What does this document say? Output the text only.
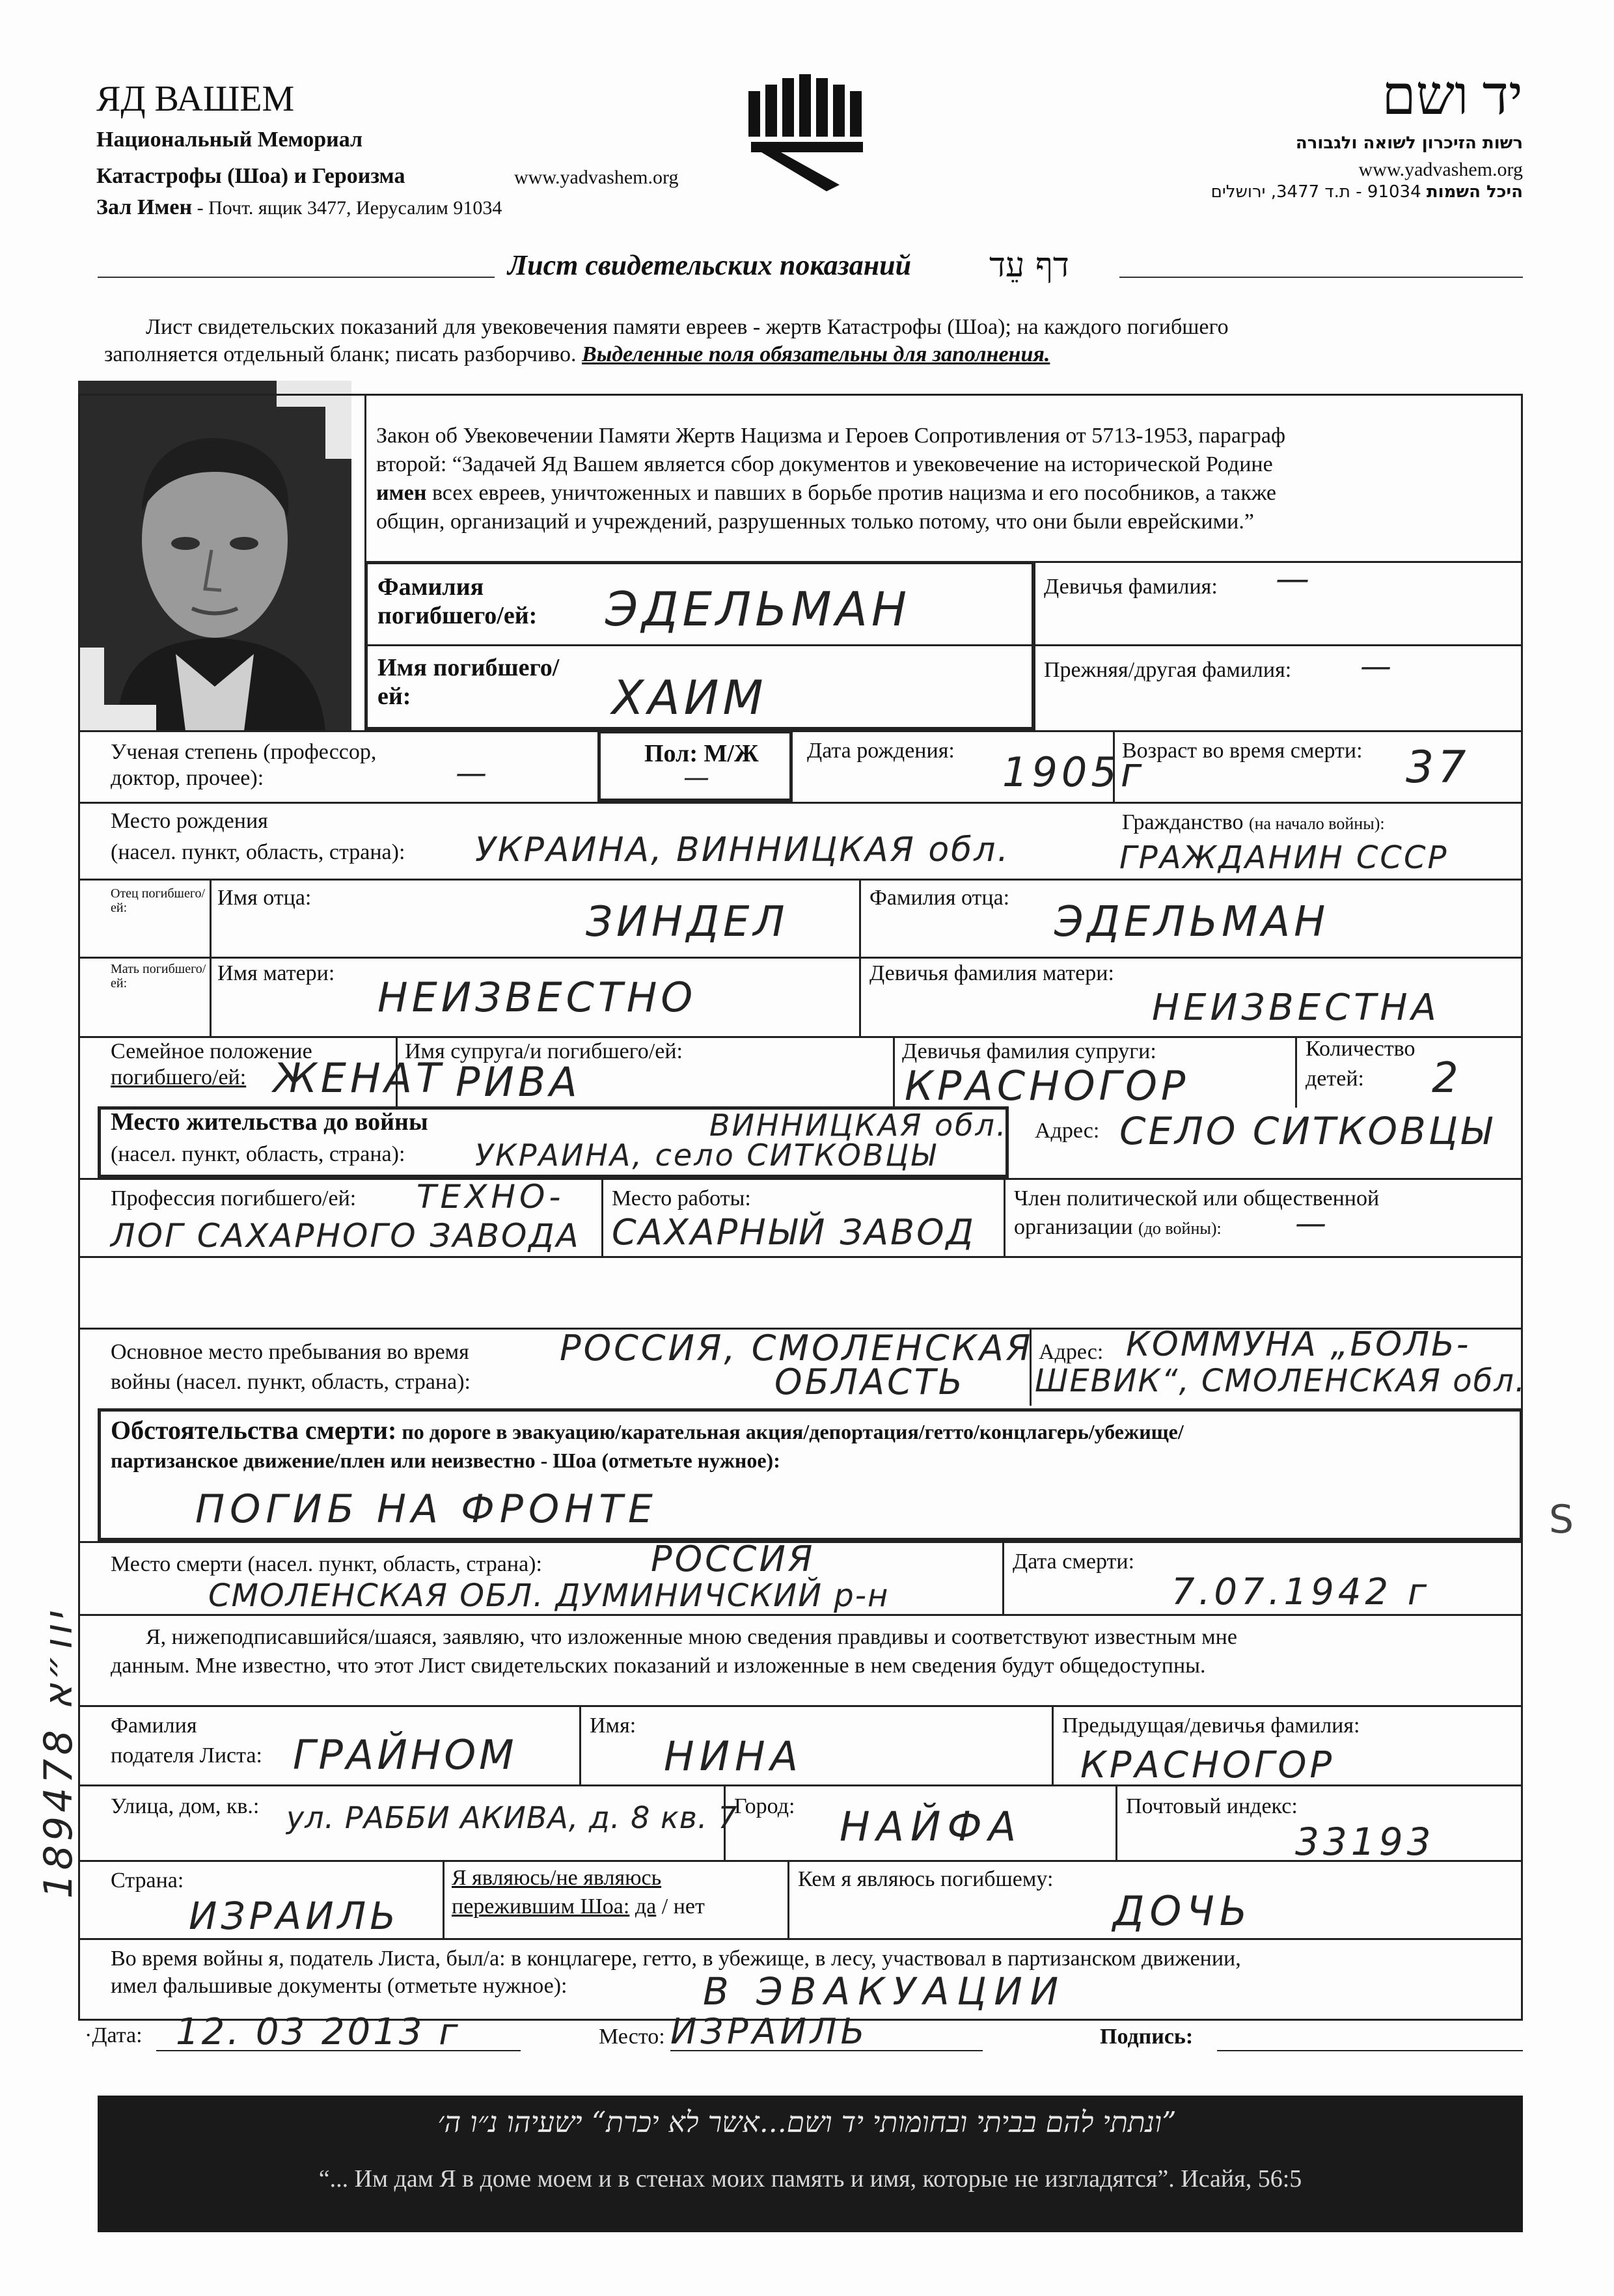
ЯД ВАШЕМ
Национальный Мемориал
Катастрофы (Шоа) и Героизма	www.yadvashem.org
Зал Имен - Почт. ящик 3477, Иерусалим 91034
יד ושם
רשות הזיכרון לשואה ולגבורה
www.yadvashem.org
היכל השמות 91034 - ת.ד 3477, ירושלים
Лист свидетельских показаний דף עֵד
Лист свидетельских показаний для увековечения памяти евреев - жертв Катастрофы (Шоа); на каждого погибшего
заполняется отдельный бланк; писать разборчиво. Выделенные поля обязательны для заполнения.
Закон об Увековечении Памяти Жертв Нацизма и Героев Сопротивления от 5713-1953, параграф
второй: “Задачей Яд Вашем является сбор документов и увековечение на исторической Родине
имен всех евреев, уничтоженных и павших в борьбе против нацизма и его пособников, а также
общин, организаций и учреждений, разрушенных только потому, что они были еврейскими.”
Фамилия погибшего/ей:	ЭДЕЛЬМАН	Девичья фамилия: —
Имя погибшего/ей:	ХАИМ
Прежняя/другая фамилия: —
Ученая степень (профессор, доктор, прочее):	—
Пол: М/Ж
—
Дата рождения: 1905г
Возраст во время смерти: 37
Место рождения
(насел. пункт, область, страна): УКРАИНА, ВИННИЦКАЯ обл.
Гражданство (на начало войны):
ГРАЖДАНИН СССР
Отец погибшего/ ей:	Имя отца:
ЗИНДЕЛ
Фамилия отца:
ЭДЕЛЬМАН
Мать погибшего/ ей:	Имя матери:
НЕИЗВЕСТНО
Девичья фамилия матери:
НЕИЗВЕСТНА
Семейное положение
погибшего/ей: ЖЕНАТ
Имя супруга/и погибшего/ей:
РИВА
Девичья фамилия супруги:
КРАСНОГОР
Количество
детей: 2
Место жительства до войны
(насел. пункт, область, страна):
ВИННИЦКАЯ обл.
УКРАИНА, село СИТКОВЦЫ
Адрес: СЕЛО СИТКОВЦЫ
Профессия погибшего/ей: ТЕХНО-
ЛОГ САХАРНОГО ЗАВОДА
Место работы:
САХАРНЫЙ ЗАВОД
Член политической или общественной
организации (до войны): —
Основное место пребывания во время
войны (насел. пункт, область, страна):
РОССИЯ, СМОЛЕНСКАЯ
ОБЛАСТЬ
Адрес: КОММУНА „БОЛЬ-
ШЕВИК“, СМОЛЕНСКАЯ обл.
Обстоятельства смерти: по дороге в эвакуацию/карательная акция/депортация/гетто/концлагерь/убежище/
партизанское движение/плен или неизвестно - Шоа (отметьте нужное):
ПОГИБ НА ФРОНТЕ	S
Место смерти (насел. пункт, область, страна):	РОССИЯ
СМОЛЕНСКАЯ ОБЛ. ДУМИНИЧСКИЙ р-н
Дата смерти:
7.07.1942 г
Я, нижеподписавшийся/шаяся, заявляю, что изложенные мною сведения правдивы и соответствуют известным мне
данным. Мне известно, что этот Лист свидетельских показаний и изложенные в нем сведения будут общедоступны.
Фамилия
подателя Листа: ГРАЙНОМ
Имя:
НИНА
Предыдущая/девичья фамилия:
КРАСНОГОР
Улица, дом, кв.: ул. РАББИ АКИВА, д. 8 кв. 7
Город: НАЙФА	Почтовый индекс:
33193
Страна:
ИЗРАИЛЬ
Я являюсь/не являюсь
пережившим Шоа: да / нет
Кем я являюсь погибшему:
ДОЧЬ
Во время войны я, податель Листа, был/а: в концлагере, гетто, в убежище, в лесу, участвовал в партизанском движении,
имел фальшивые документы (отметьте нужное):	В ЭВАКУАЦИИ
·Дата: 12. 03 2013 г	Место: ИЗРАИЛЬ	Подпись:
יוו״א 189478
”ונתתי להם בביתי ובחומותי יד ושם...אשר לא יכרת“ ישעיהו נ״ו ה׳
“... Им дам Я в доме моем и в стенах моих память и имя, которые не изгладятся”. Исайя, 56:5
